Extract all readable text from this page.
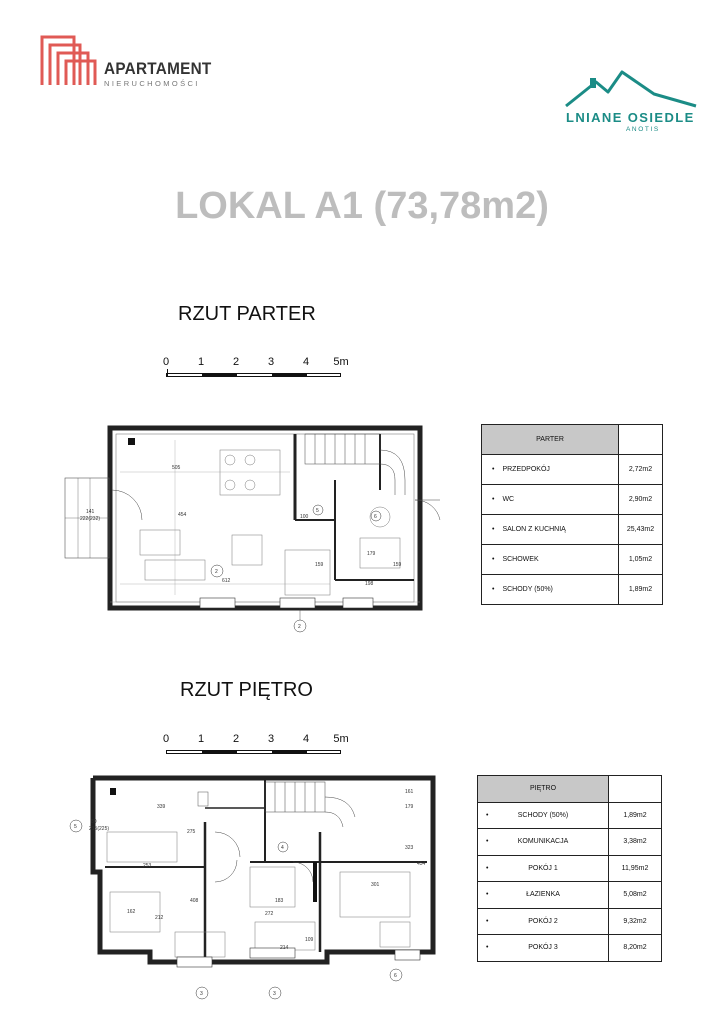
APARTAMENT
NIERUCHOMOŚCI
LNIANE OSIEDLE
ANOTIS
LOKAL A1 (73,78m2)
RZUT PARTER
0	1	2	3	4 5m
505
454	100
612
159
179
159
198
141
222(232)
2
2
5
6
PARTER	
• PRZEDPOKÓJ	2,72m2
• WC	2,90m2
• SALON Z KUCHNIĄ	25,43m2
• SCHOWEK	1,05m2
• SCHODY (50%)	1,89m2
RZUT PIĘTRO
0	1	2	3	4 5m
339
275
253
408
162
212
183
272
301
323
454
109
214
161
179
80
215(225)
5
3	3
4
6
PIĘTRO	

• SCHODY (50%)	1,89m2

• KOMUNIKACJA	3,38m2

• POKÓJ 1	11,95m2

• ŁAZIENKA	5,08m2

• POKÓJ 2	9,32m2

• POKÓJ 3	8,20m2
